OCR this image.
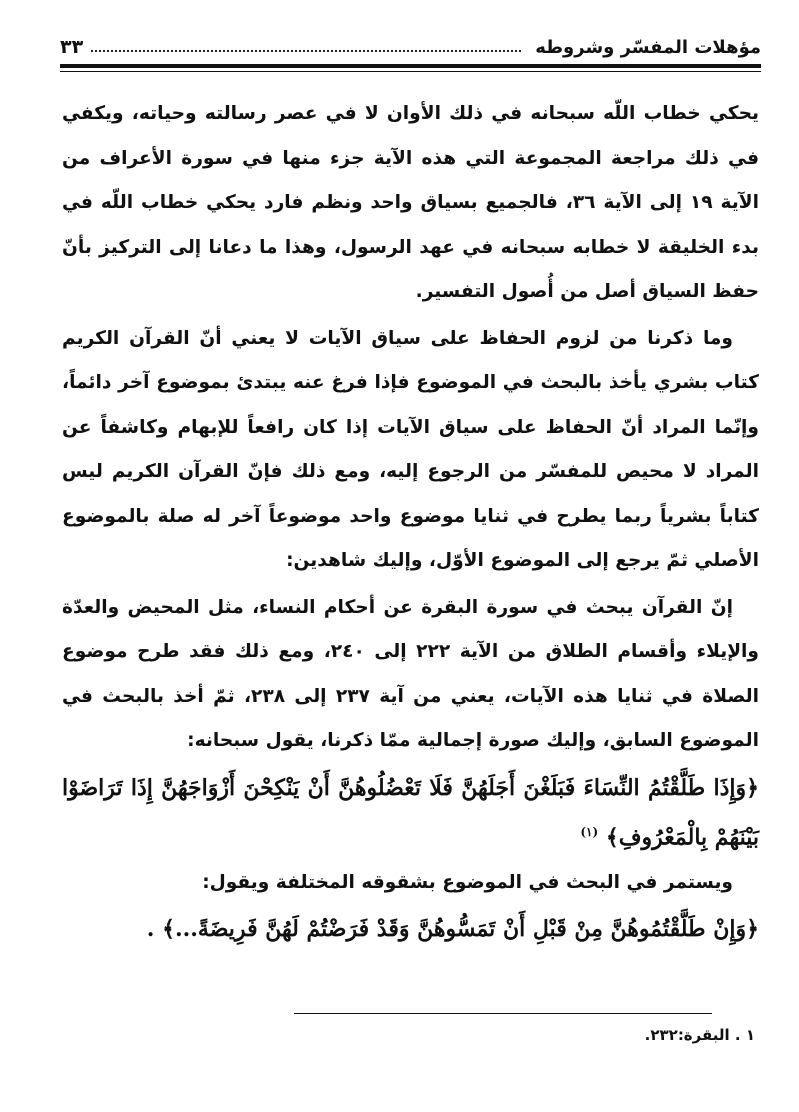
مؤهلات المفسّر وشروطه
٣٣

يحكي خطاب اللّه سبحانه في ذلك الأوان لا في عصر رسالته وحياته، ويكفي في ذلك مراجعة المجموعة التي هذه الآية جزء منها في سورة الأعراف من الآية ١٩ إلى الآية ٣٦، فالجميع بسياق واحد ونظم فارد يحكي خطاب اللّه في بدء الخليقة لا خطابه سبحانه في عهد الرسول، وهذا ما دعانا إلى التركيز بأنّ حفظ السياق أصل من أُصول التفسير.

وما ذكرنا من لزوم الحفاظ على سياق الآيات لا يعني أنّ القرآن الكريم كتاب بشري يأخذ بالبحث في الموضوع فإذا فرغ عنه يبتدئ بموضوع آخر دائماً، وإنّما المراد أنّ الحفاظ على سياق الآيات إذا كان رافعاً للإبهام وكاشفاً عن المراد لا محيص للمفسّر من الرجوع إليه، ومع ذلك فإنّ القرآن الكريم ليس كتاباً بشرياً ربما يطرح في ثنايا موضوع واحد موضوعاً آخر له صلة بالموضوع الأصلي ثمّ يرجع إلى الموضوع الأوّل، وإليك شاهدين:

إنّ القرآن يبحث في سورة البقرة عن أحكام النساء، مثل المحيض والعدّة والإيلاء وأقسام الطلاق من الآية ٢٢٢ إلى ٢٤٠، ومع ذلك فقد طرح موضوع الصلاة في ثنايا هذه الآيات، يعني من آية ٢٣٧ إلى ٢٣٨، ثمّ أخذ بالبحث في الموضوع السابق، وإليك صورة إجمالية ممّا ذكرنا، يقول سبحانه:

﴿وَإِذَا طَلَّقْتُمُ النِّسَاءَ فَبَلَغْنَ أَجَلَهُنَّ فَلَا تَعْضُلُوهُنَّ أَنْ يَنْكِحْنَ أَزْوَاجَهُنَّ إِذَا تَرَاضَوْا بَيْنَهُمْ بِالْمَعْرُوفِ﴾ $^{(١)}$

ويستمر في البحث في الموضوع بشقوقه المختلفة ويقول:

﴿وَإِنْ طَلَّقْتُمُوهُنَّ مِنْ قَبْلِ أَنْ تَمَسُّوهُنَّ وَقَدْ فَرَضْتُمْ لَهُنَّ فَرِيضَةً...﴾ .

١ . البقرة:٢٣٢.
